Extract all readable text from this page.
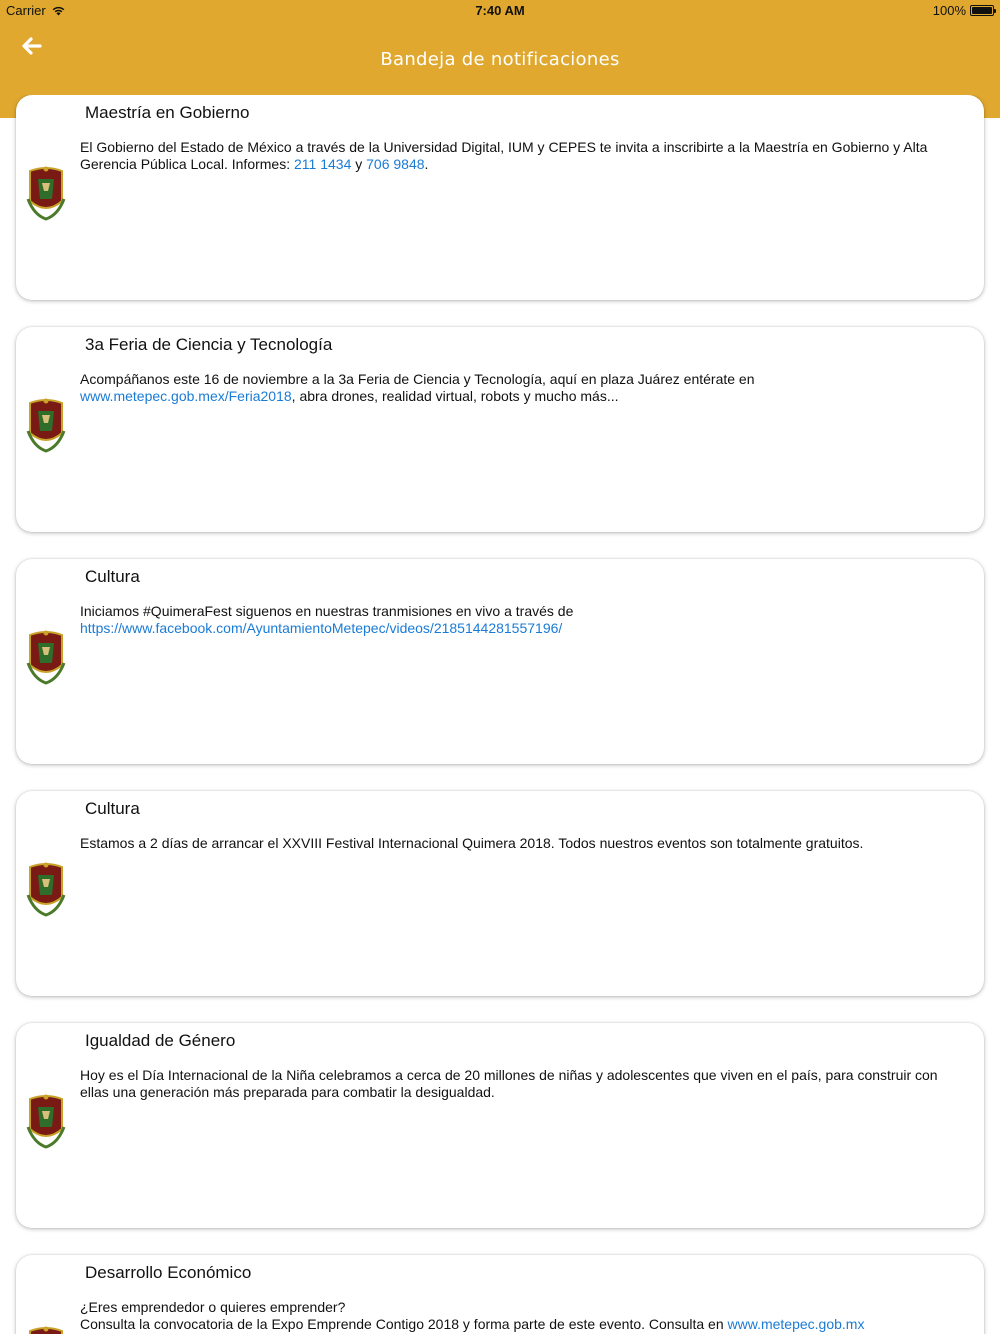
Carrier	7:40 AM	100%
Bandeja de notificaciones
Maestría en Gobierno
El Gobierno del Estado de México a través de la Universidad Digital, IUM y CEPES te invita a inscribirte a la Maestría en Gobierno y Alta Gerencia Pública Local. Informes: 211 1434 y 706 9848.
3a Feria de Ciencia y Tecnología
Acompáñanos este 16 de noviembre a la 3a Feria de Ciencia y Tecnología, aquí en plaza Juárez entérate en www.metepec.gob.mex/Feria2018, abra drones, realidad virtual, robots y mucho más...
Cultura
Iniciamos #QuimeraFest siguenos en nuestras tranmisiones en vivo a través de https://www.facebook.com/AyuntamientoMetepec/videos/2185144281557196/
Cultura
Estamos a 2 días de arrancar el XXVIII Festival Internacional Quimera 2018. Todos nuestros eventos son totalmente gratuitos.
Igualdad de Género
Hoy es el Día Internacional de la Niña celebramos a cerca de 20 millones de niñas y adolescentes que viven en el país, para construir con ellas una generación más preparada para combatir la desigualdad.
Desarrollo Económico
¿Eres emprendedor o quieres emprender?
Consulta la convocatoria de la Expo Emprende Contigo 2018 y forma parte de este evento. Consulta en www.metepec.gob.mx
